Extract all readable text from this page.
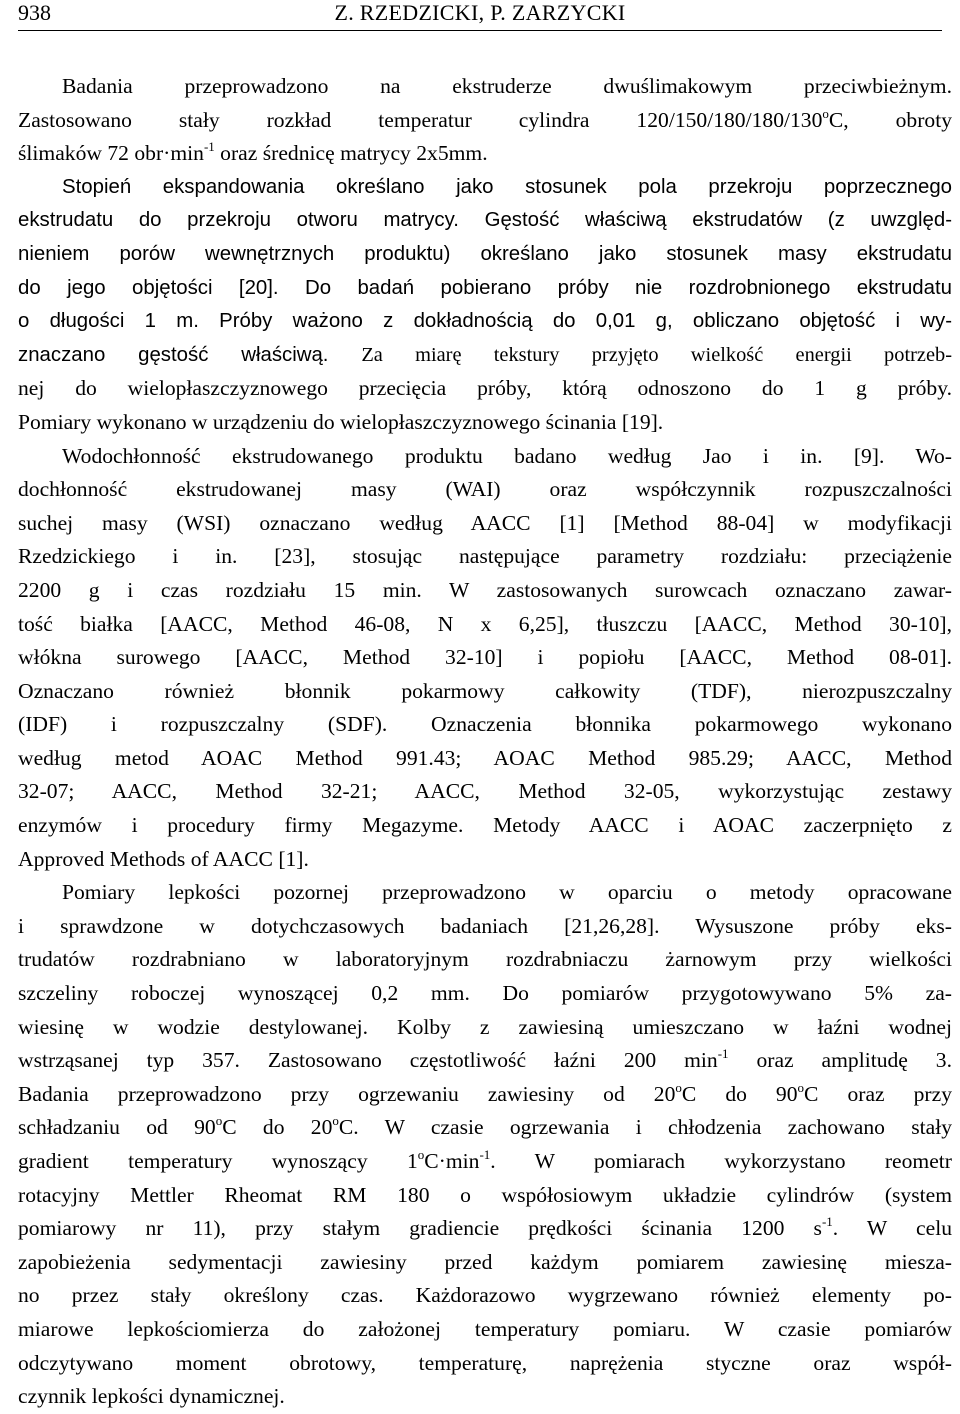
938	Z. RZEDZICKI, P. ZARZYCKI
Badania przeprowadzono na ekstruderze dwuślimakowym przeciwbieżnym.
Zastosowano stały rozkład temperatur cylindra 120/150/180/180/130$^o$C, obroty
ślimaków 72 $obr\cdot\min^{-1}$ oraz średnicę matrycy 2x5mm.
Stopień ekspandowania określano jako stosunek pola przekroju poprzecznego
ekstrudatu do przekroju otworu matrycy. Gęstość właściwą ekstrudatów (z uwzględ-
nieniem porów wewnętrznych produktu) określano jako stosunek masy ekstrudatu
do jego objętości [20]. Do badań pobierano próby nie rozdrobnionego ekstrudatu
o długości 1 m. Próby ważono z dokładnością do 0,01 g, obliczano objętość i wy-
znaczano gęstość właściwą. Za miarę tekstury przyjęto wielkość energii potrzeb-
nej do wielopłaszczyznowego przecięcia próby, którą odnoszono do 1 g próby.
Pomiary wykonano w urządzeniu do wielopłaszczyznowego ścinania [19].
Wodochłonność ekstrudowanego produktu badano według Jao i in. [9]. Wo-
dochłonność ekstrudowanej masy (WAI) oraz współczynnik rozpuszczalności
suchej masy (WSI) oznaczano według AACC [1] [Method 88-04] w modyfikacji
Rzedzickiego i in. [23], stosując następujące parametry rozdziału: przeciążenie
2200 g i czas rozdziału 15 min. W zastosowanych surowcach oznaczano zawar-
tość białka [AACC, Method 46-08, N x 6,25], tłuszczu [AACC, Method 30-10],
włókna surowego [AACC, Method 32-10] i popiołu [AACC, Method 08-01].
Oznaczano również błonnik pokarmowy całkowity (TDF), nierozpuszczalny
(IDF) i rozpuszczalny (SDF). Oznaczenia błonnika pokarmowego wykonano
według metod AOAC Method 991.43; AOAC Method 985.29; AACC, Method
32-07; AACC, Method 32-21; AACC, Method 32-05, wykorzystując zestawy
enzymów i procedury firmy Megazyme. Metody AACC i AOAC zaczerpnięto z
Approved Methods of AACC [1].
Pomiary lepkości pozornej przeprowadzono w oparciu o metody opracowane
i sprawdzone w dotychczasowych badaniach [21,26,28]. Wysuszone próby eks-
trudatów rozdrabniano w laboratoryjnym rozdrabniaczu żarnowym przy wielkości
szczeliny roboczej wynoszącej 0,2 mm. Do pomiarów przygotowywano 5% za-
wiesinę w wodzie destylowanej. Kolby z zawiesiną umieszczano w łaźni wodnej
wstrząsanej typ 357. Zastosowano częstotliwość łaźni 200 $\min^{-1}$ oraz amplitudę 3.
Badania przeprowadzono przy ogrzewaniu zawiesiny od 20$^o$C do 90$^o$C oraz przy
schładzaniu od 90$^o$C do 20$^o$C. W czasie ogrzewania i chłodzenia zachowano stały
gradient temperatury wynoszący $1^oC\cdot\min^{-1}$. W pomiarach wykorzystano reometr
rotacyjny Mettler Rheomat RM 180 o współosiowym układzie cylindrów (system
pomiarowy nr 11), przy stałym gradiencie prędkości ścinania 1200 $s^{-1}$. W celu
zapobieżenia sedymentacji zawiesiny przed każdym pomiarem zawiesinę miesza-
no przez stały określony czas. Każdorazowo wygrzewano również elementy po-
miarowe lepkościomierza do założonej temperatury pomiaru. W czasie pomiarów
odczytywano moment obrotowy, temperaturę, naprężenia styczne oraz współ-
czynnik lepkości dynamicznej.
